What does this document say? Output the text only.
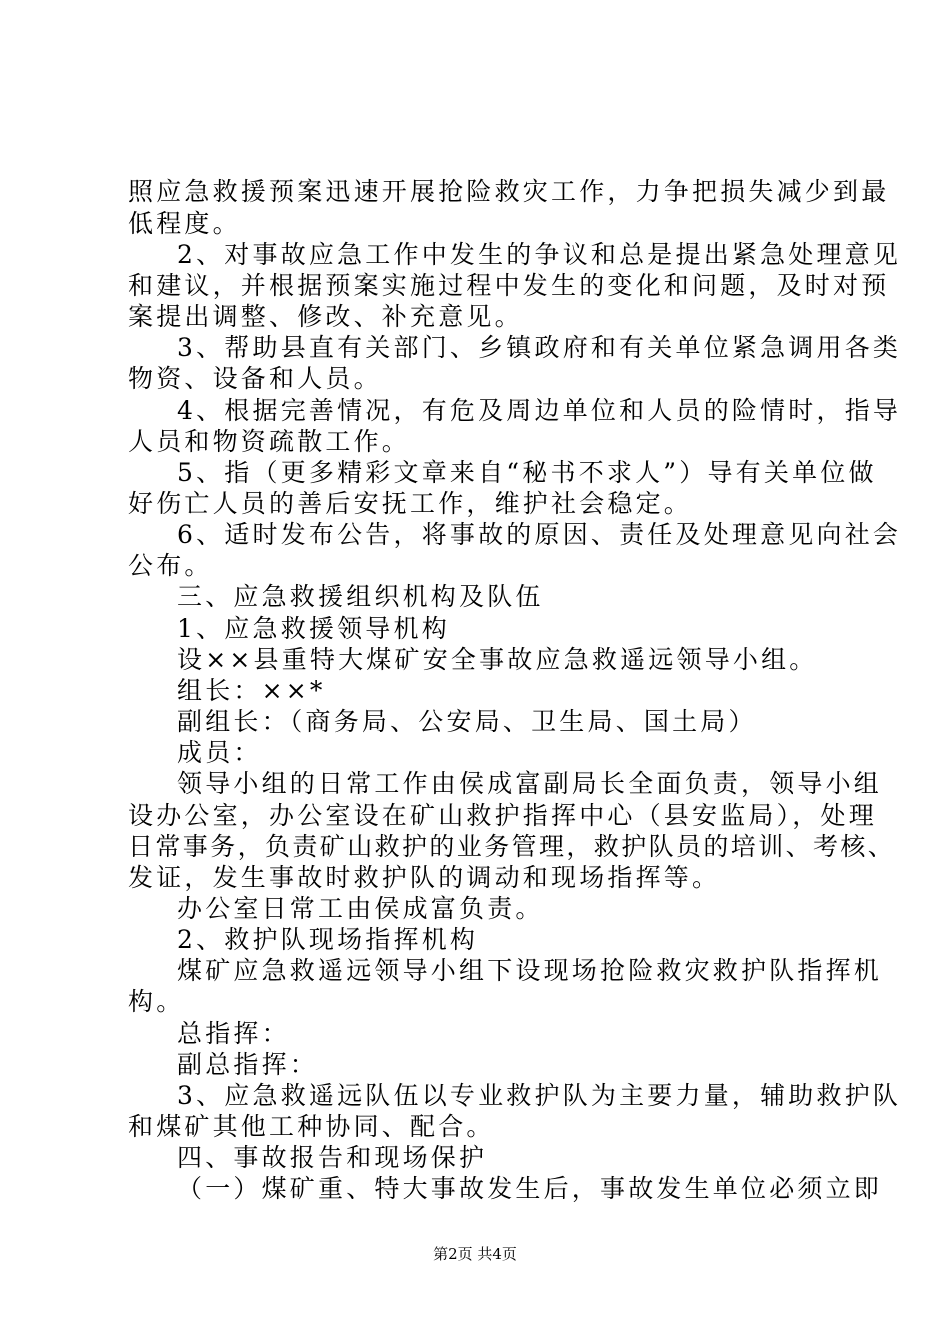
照应急救援预案迅速开展抢险救灾工作，力争把损失减少到最
低程度。
2、对事故应急工作中发生的争议和总是提出紧急处理意见
和建议，并根据预案实施过程中发生的变化和问题，及时对预
案提出调整、修改、补充意见。
3、帮助县直有关部门、乡镇政府和有关单位紧急调用各类
物资、设备和人员。
4、根据完善情况，有危及周边单位和人员的险情时，指导
人员和物资疏散工作。
5、指（更多精彩文章来自“秘书不求人”）导有关单位做
好伤亡人员的善后安抚工作，维护社会稳定。
6、适时发布公告，将事故的原因、责任及处理意见向社会
公布。
三、应急救援组织机构及队伍
1、应急救援领导机构
设××县重特大煤矿安全事故应急救遥远领导小组。
组长：××*
副组长：（商务局、公安局、卫生局、国土局）
成员：
领导小组的日常工作由侯成富副局长全面负责，领导小组
设办公室，办公室设在矿山救护指挥中心（县安监局），处理
日常事务，负责矿山救护的业务管理，救护队员的培训、考核、
发证，发生事故时救护队的调动和现场指挥等。
办公室日常工由侯成富负责。
2、救护队现场指挥机构
煤矿应急救遥远领导小组下设现场抢险救灾救护队指挥机
构。
总指挥：
副总指挥：
3、应急救遥远队伍以专业救护队为主要力量，辅助救护队
和煤矿其他工种协同、配合。
四、事故报告和现场保护
（一）煤矿重、特大事故发生后，事故发生单位必须立即
第2页 共4页
